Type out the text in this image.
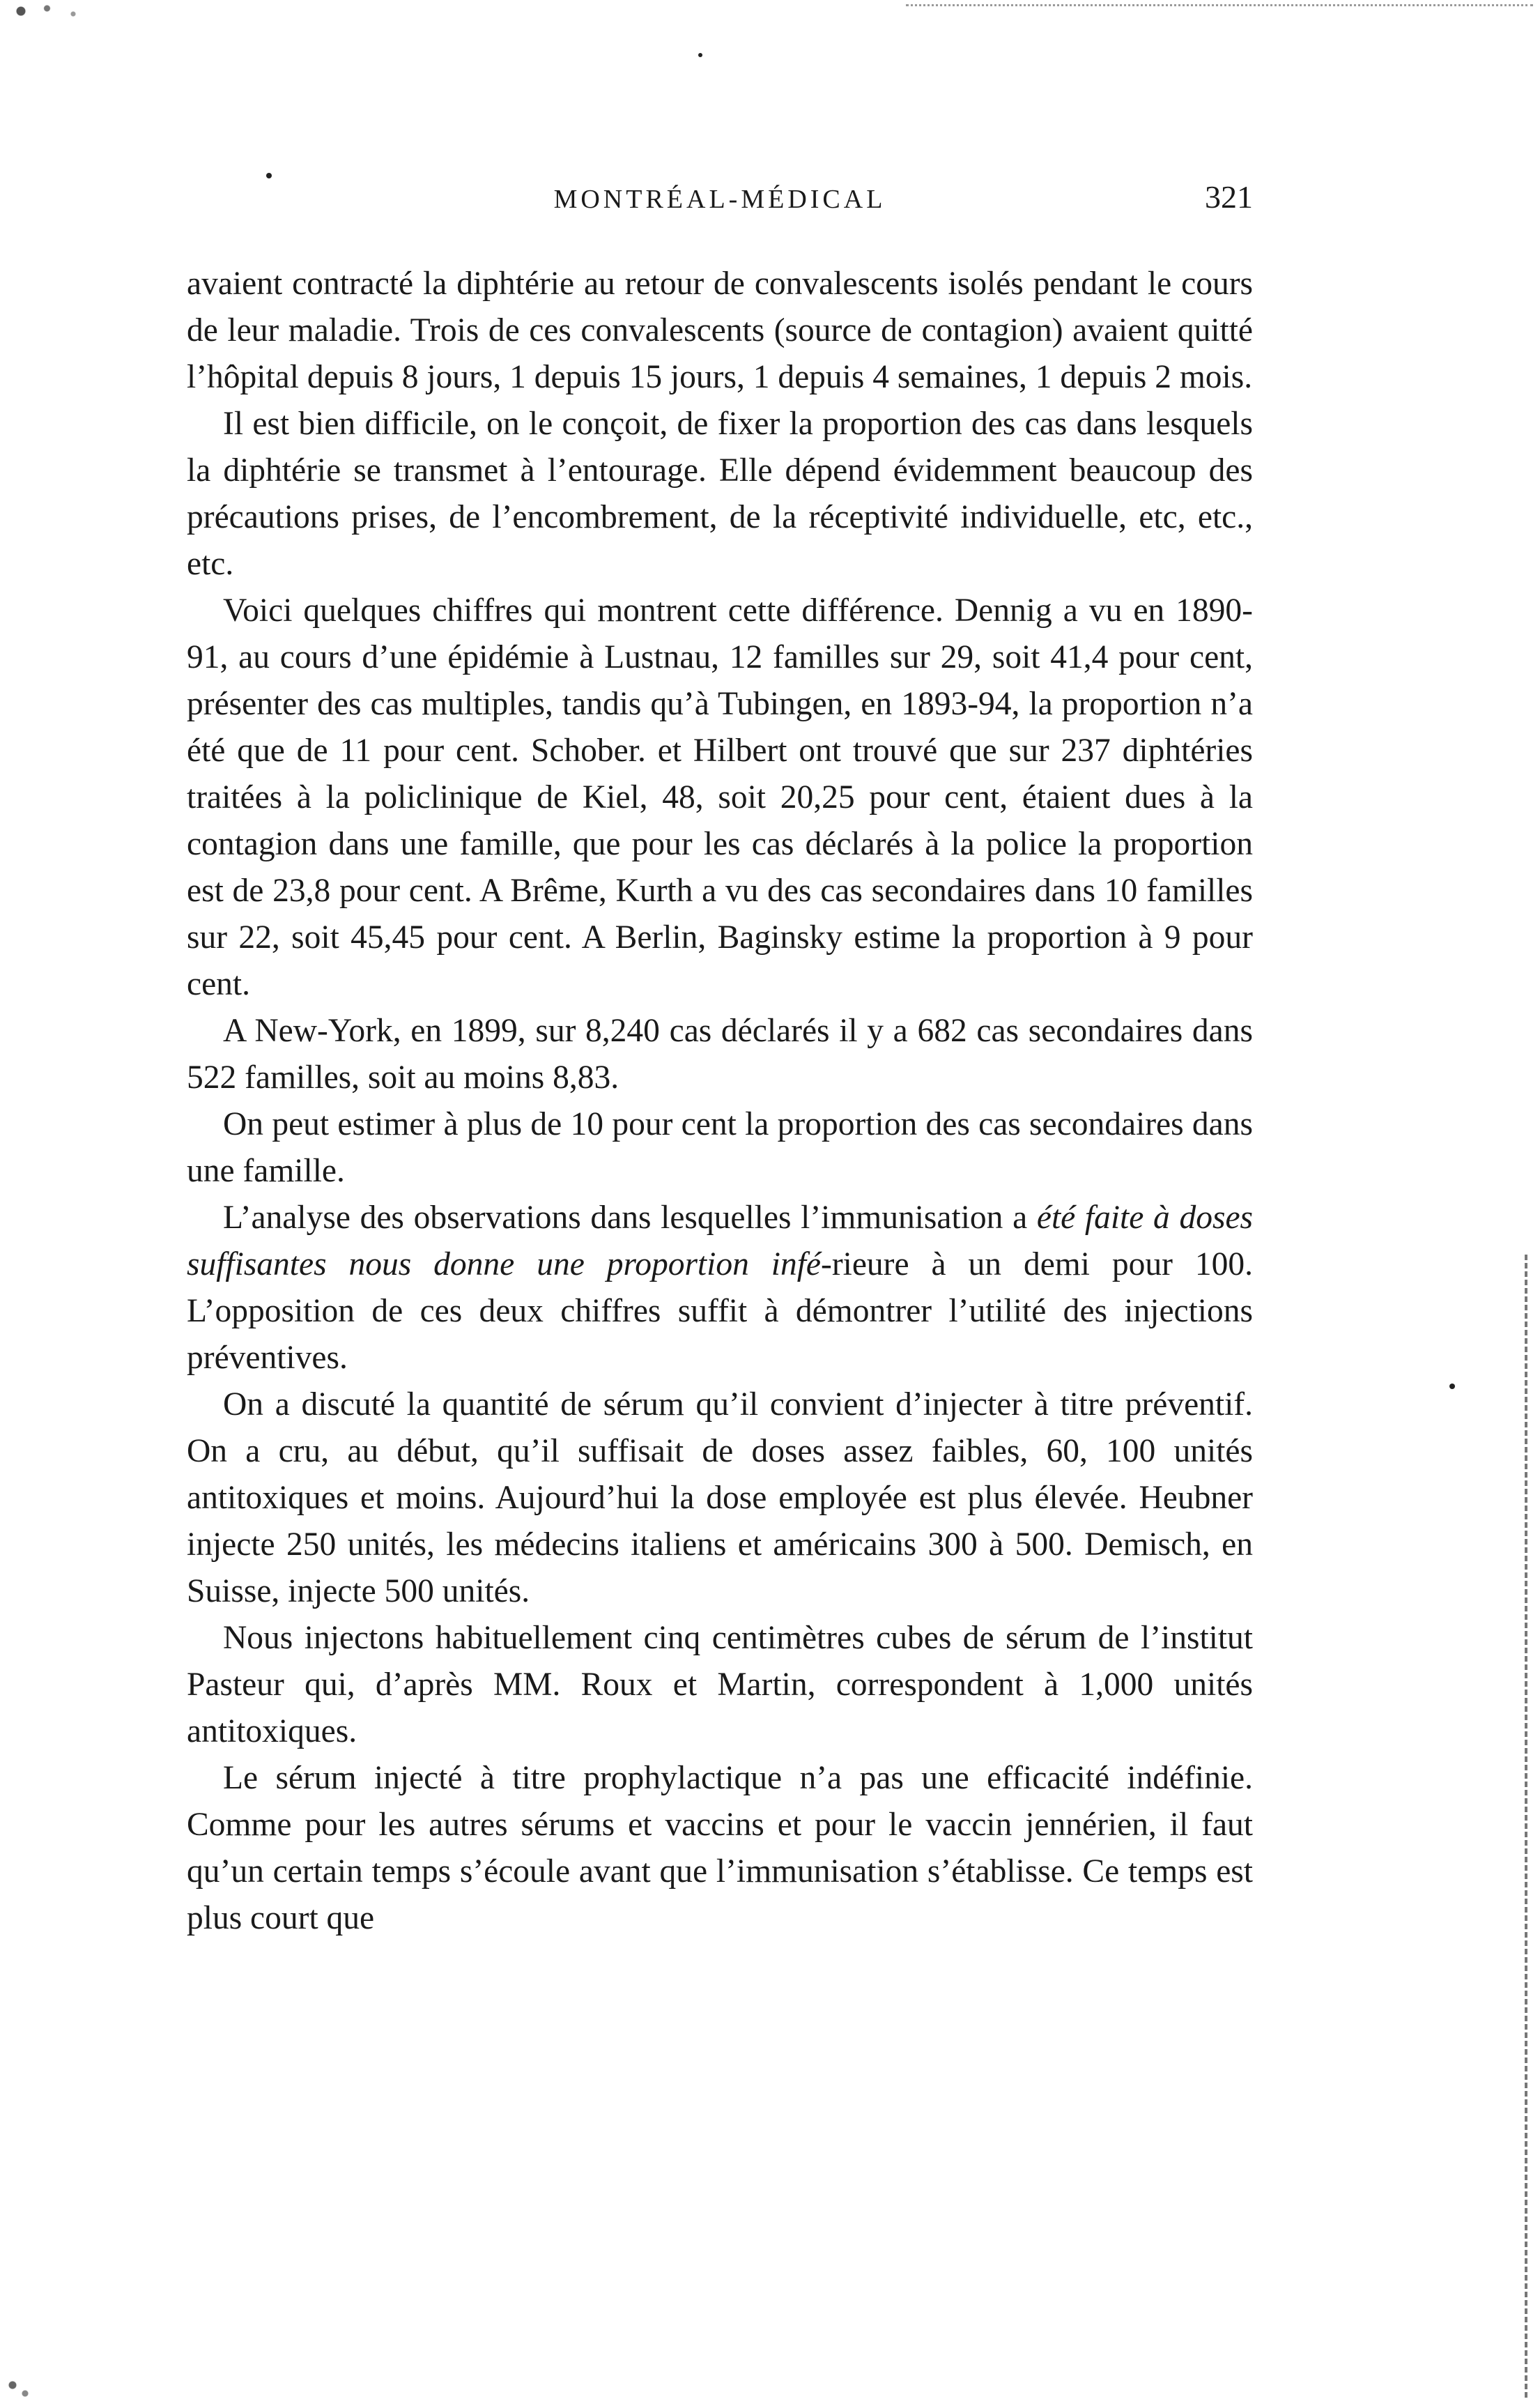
MONTRÉAL-MÉDICAL	321

avaient contracté la diphtérie au retour de convalescents isolés pendant le cours de leur maladie. Trois de ces convalescents (source de contagion) avaient quitté l’hôpital depuis 8 jours, 1 depuis 15 jours, 1 depuis 4 semaines, 1 depuis 2 mois.

Il est bien difficile, on le conçoit, de fixer la proportion des cas dans lesquels la diphtérie se transmet à l’entourage. Elle dépend évidemment beaucoup des précautions prises, de l’encombrement, de la réceptivité individuelle, etc, etc., etc.

Voici quelques chiffres qui montrent cette différence. Dennig a vu en 1890-91, au cours d’une épidémie à Lustnau, 12 familles sur 29, soit 41,4 pour cent, présenter des cas multiples, tandis qu’à Tubingen, en 1893-94, la proportion n’a été que de 11 pour cent. Schober. et Hilbert ont trouvé que sur 237 diphtéries traitées à la policlinique de Kiel, 48, soit 20,25 pour cent, étaient dues à la contagion dans une famille, que pour les cas déclarés à la police la proportion est de 23,8 pour cent. A Brême, Kurth a vu des cas secondaires dans 10 familles sur 22, soit 45,45 pour cent. A Berlin, Baginsky estime la proportion à 9 pour cent.

A New-York, en 1899, sur 8,240 cas déclarés il y a 682 cas secondaires dans 522 familles, soit au moins 8,83.

On peut estimer à plus de 10 pour cent la proportion des cas secondaires dans une famille.

L’analyse des observations dans lesquelles l’immunisation a été faite à doses suffisantes nous donne une proportion infé-rieure à un demi pour 100. L’opposition de ces deux chiffres suffit à démontrer l’utilité des injections préventives.

On a discuté la quantité de sérum qu’il convient d’injecter à titre préventif. On a cru, au début, qu’il suffisait de doses assez faibles, 60, 100 unités antitoxiques et moins. Aujourd’hui la dose employée est plus élevée. Heubner injecte 250 unités, les médecins italiens et américains 300 à 500. Demisch, en Suisse, injecte 500 unités.

Nous injectons habituellement cinq centimètres cubes de sérum de l’institut Pasteur qui, d’après MM. Roux et Martin, correspondent à 1,000 unités antitoxiques.

Le sérum injecté à titre prophylactique n’a pas une efficacité indéfinie. Comme pour les autres sérums et vaccins et pour le vaccin jennérien, il faut qu’un certain temps s’écoule avant que l’immunisation s’établisse. Ce temps est plus court que
